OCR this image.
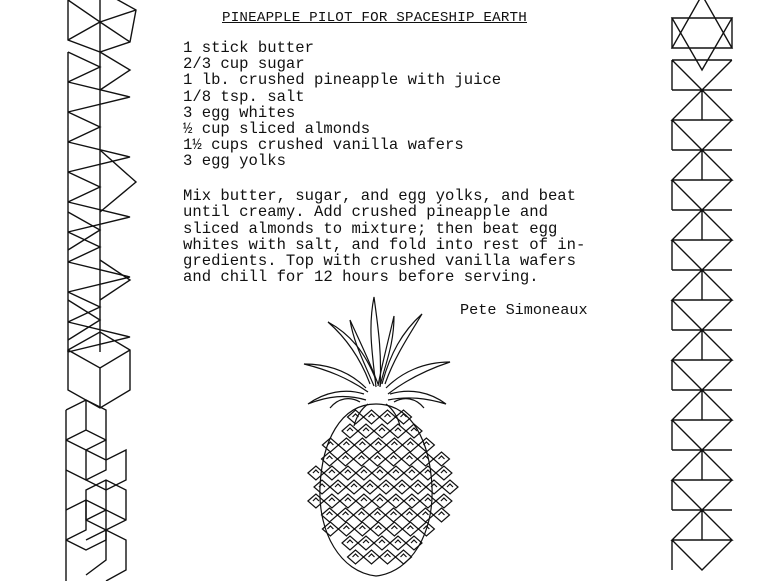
PINEAPPLE PILOT FOR SPACESHIP EARTH
1 stick butter
2/3 cup sugar
1 lb. crushed pineapple with juice
1/8 tsp. salt
3 egg whites
½ cup sliced almonds
1½ cups crushed vanilla wafers
3 egg yolks
Mix butter, sugar, and egg yolks, and beat
until creamy. Add crushed pineapple and
sliced almonds to mixture; then beat egg
whites with salt, and fold into rest of in-
gredients. Top with crushed vanilla wafers
and chill for 12 hours before serving.
Pete Simoneaux
